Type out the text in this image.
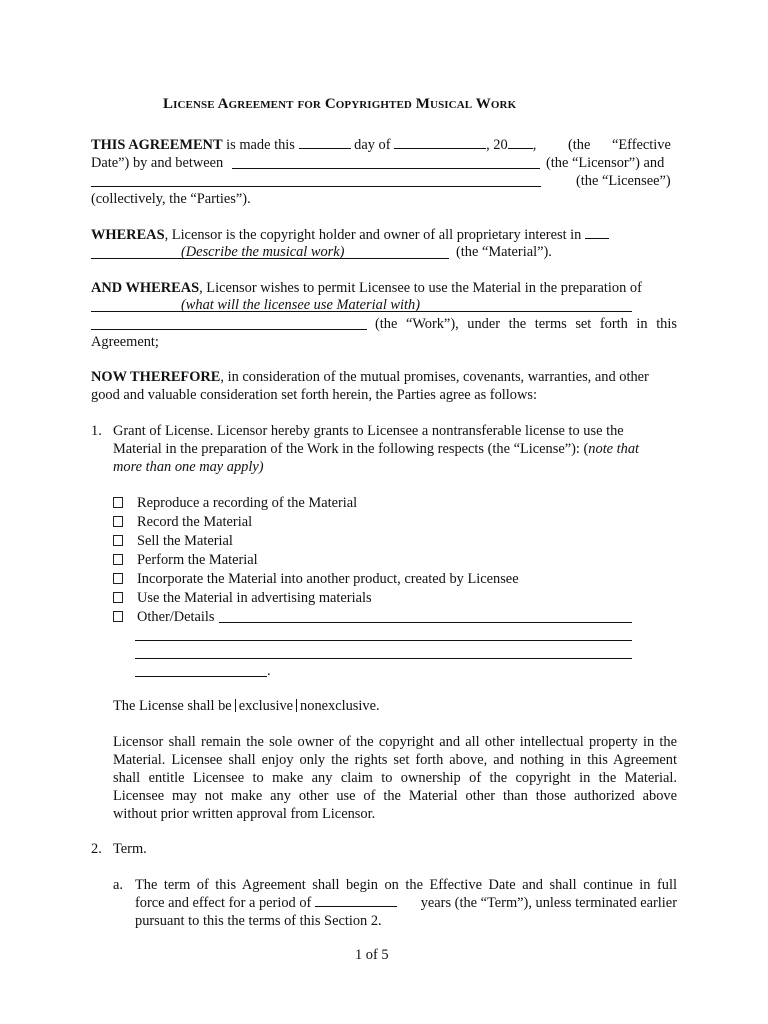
License Agreement for Copyrighted Musical Work
THIS AGREEMENT is made this	day of	, 20 , (the “Effective
Date”) by and between	(the “Licensor”) and
(the “Licensee”)
(collectively, the “Parties”).
WHEREAS, Licensor is the copyright holder and owner of all proprietary interest in
(Describe the musical work)	(the “Material”).
AND WHEREAS, Licensor wishes to permit Licensee to use the Material in the preparation of
(what will the licensee use Material with)
(the “Work”), under the terms set forth in this
Agreement;
NOW THEREFORE, in consideration of the mutual promises, covenants, warranties, and other
good and valuable consideration set forth herein, the Parties agree as follows:
1. Grant of License. Licensor hereby grants to Licensee a nontransferable license to use the
Material in the preparation of the Work in the following respects (the “License”): (note that
more than one may apply)
Reproduce a recording of the Material
Record the Material
Sell the Material
Perform the Material
Incorporate the Material into another product, created by Licensee
Use the Material in advertising materials
Other/Details
.
The License shall be exclusive nonexclusive.
Licensor shall remain the sole owner of the copyright and all other intellectual property in the
Material. Licensee shall enjoy only the rights set forth above, and nothing in this Agreement
shall entitle Licensee to make any claim to ownership of the copyright in the Material.
Licensee may not make any other use of the Material other than those authorized above
without prior written approval from Licensor.
2. Term.
a. The term of this Agreement shall begin on the Effective Date and shall continue in full
force and effect for a period of	years (the “Term”), unless terminated earlier
pursuant to this the terms of this Section 2.
1 of 5
